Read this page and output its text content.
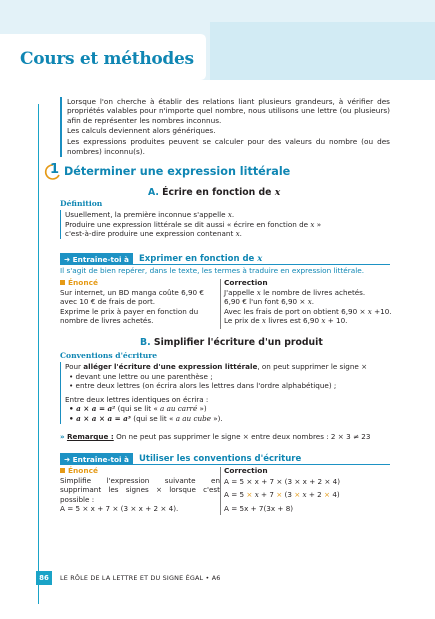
Cours et méthodes

Lorsque l'on cherche à établir des relations liant plusieurs grandeurs, à vérifier des propriétés valables pour n'importe quel nombre, nous utilisons une lettre (ou plusieurs) afin de représenter les nombres inconnus.

Les calculs deviennent alors génériques.

Les expressions produites peuvent se calculer pour des valeurs du nombre (ou des nombres) inconnu(s).

1 Déterminer une expression littérale
A. Écrire en fonction de x
Définition

Usuellement, la première inconnue s'appelle x.

Produire une expression littérale se dit aussi « écrire en fonction de x »

c'est-à-dire produire une expression contenant x.

➜ Entraîne-toi à	Exprimer en fonction de x
Il s'agit de bien repérer, dans le texte, les termes à traduire en expression littérale.
Énoncé

Sur internet, un BD manga coûte 6,90 € avec 10 € de frais de port.

Exprime le prix à payer en fonction du nombre de livres achetés.

Correction

J'appelle x le nombre de livres achetés.

6,90 € l'un font 6,90 × x.

Avec les frais de port on obtient 6,90 × x +10.

Le prix de x livres est 6,90 x + 10.

B. Simplifier l'écriture d'un produit
Conventions d'écriture

Pour alléger l'écriture d'une expression littérale, on peut supprimer le signe ×

• devant une lettre ou une parenthèse ;
• entre deux lettres (on écrira alors les lettres dans l'ordre alphabétique) ;

Entre deux lettres identiques on écrira :

• a × a = a² (qui se lit « a au carré »)

• a × a × a = a³ (qui se lit « a au cube »).

» Remarque : On ne peut pas supprimer le signe × entre deux nombres : 2 × 3 ≠ 23
➜ Entraîne-toi à	Utiliser les conventions d'écriture
Énoncé

Simplifie l'expression suivante en supprimant les signes × lorsque c'est possible :

A = 5 × x + 7 × (3 × x + 2 × 4).

Correction

A = 5 × x + 7 × (3 × x + 2 × 4)

A = 5 × x + 7 × (3 × x + 2 × 4)

A = 5x + 7(3x + 8)

86	LE RÔLE DE LA LETTRE ET DU SIGNE ÉGAL • A6
